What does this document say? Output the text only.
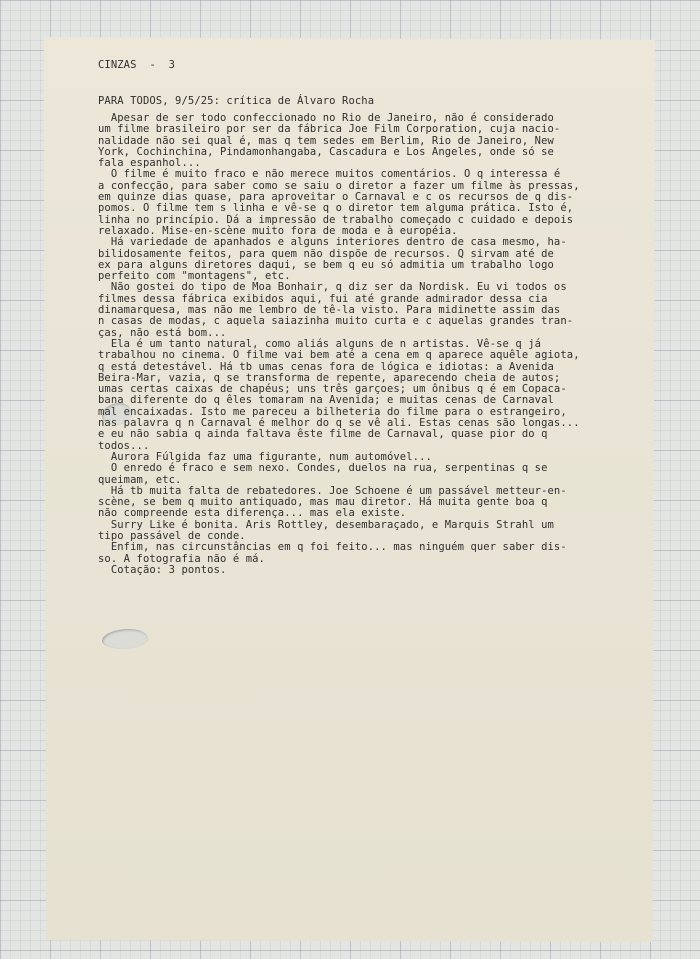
CINZAS  -  3
PARA TODOS, 9/5/25: crítica de Álvaro Rocha
Apesar de ser todo confeccionado no Rio de Janeiro, não é considerado
um filme brasileiro por ser da fábrica Joe Film Corporation, cuja nacio-
nalidade não sei qual é, mas q tem sedes em Berlim, Rio de Janeiro, New
York, Cochinchina, Pindamonhangaba, Cascadura e Los Angeles, onde só se
fala espanhol...
O filme é muito fraco e não merece muitos comentários. O q interessa é
a confecção, para saber como se saiu o diretor a fazer um filme às pressas,
em quinze dias quase, para aproveitar o Carnaval e c os recursos de q dis-
pomos. O filme tem s linha e vê-se q o diretor tem alguma prática. Isto é,
linha no princípio. Dá a impressão de trabalho começado c cuidado e depois
relaxado. Mise-en-scène muito fora de moda e à européia.
Há variedade de apanhados e alguns interiores dentro de casa mesmo, ha-
bilidosamente feitos, para quem não dispõe de recursos. Q sirvam até de
ex para alguns diretores daqui, se bem q eu só admitia um trabalho logo
perfeito com "montagens", etc.
Não gostei do tipo de Moa Bonhair, q diz ser da Nordisk. Eu vi todos os
filmes dessa fábrica exibidos aqui, fui até grande admirador dessa cia
dinamarquesa, mas não me lembro de tê-la visto. Para midinette assim das
n casas de modas, c aquela saiazinha muito curta e c aquelas grandes tran-
ças, não está bom...
Ela é um tanto natural, como aliás alguns de n artistas. Vê-se q já
trabalhou no cinema. O filme vai bem até a cena em q aparece aquêle agiota,
q está detestável. Há tb umas cenas fora de lógica e idiotas: a Avenida
Beira-Mar, vazia, q se transforma de repente, aparecendo cheia de autos;
umas certas caixas de chapéus; uns três garçoes; um ônibus q é em Copaca-
bana diferente do q êles tomaram na Avenida; e muitas cenas de Carnaval
mal encaixadas. Isto me pareceu a bilheteria do filme para o estrangeiro,
nas palavra q n Carnaval é melhor do q se vê ali. Estas cenas são longas...
e eu não sabia q ainda faltava êste filme de Carnaval, quase pior do q
todos...
Aurora Fúlgida faz uma figurante, num automóvel...
O enredo é fraco e sem nexo. Condes, duelos na rua, serpentinas q se
queimam, etc.
Há tb muita falta de rebatedores. Joe Schoene é um passável metteur-en-
scène, se bem q muito antiquado, mas mau diretor. Há muita gente boa q
não compreende esta diferença... mas ela existe.
Surry Like é bonita. Aris Rottley, desembaraçado, e Marquis Strahl um
tipo passável de conde.
Enfim, nas circunstâncias em q foi feito... mas ninguém quer saber dis-
so. A fotografia não é má.
Cotação: 3 pontos.
